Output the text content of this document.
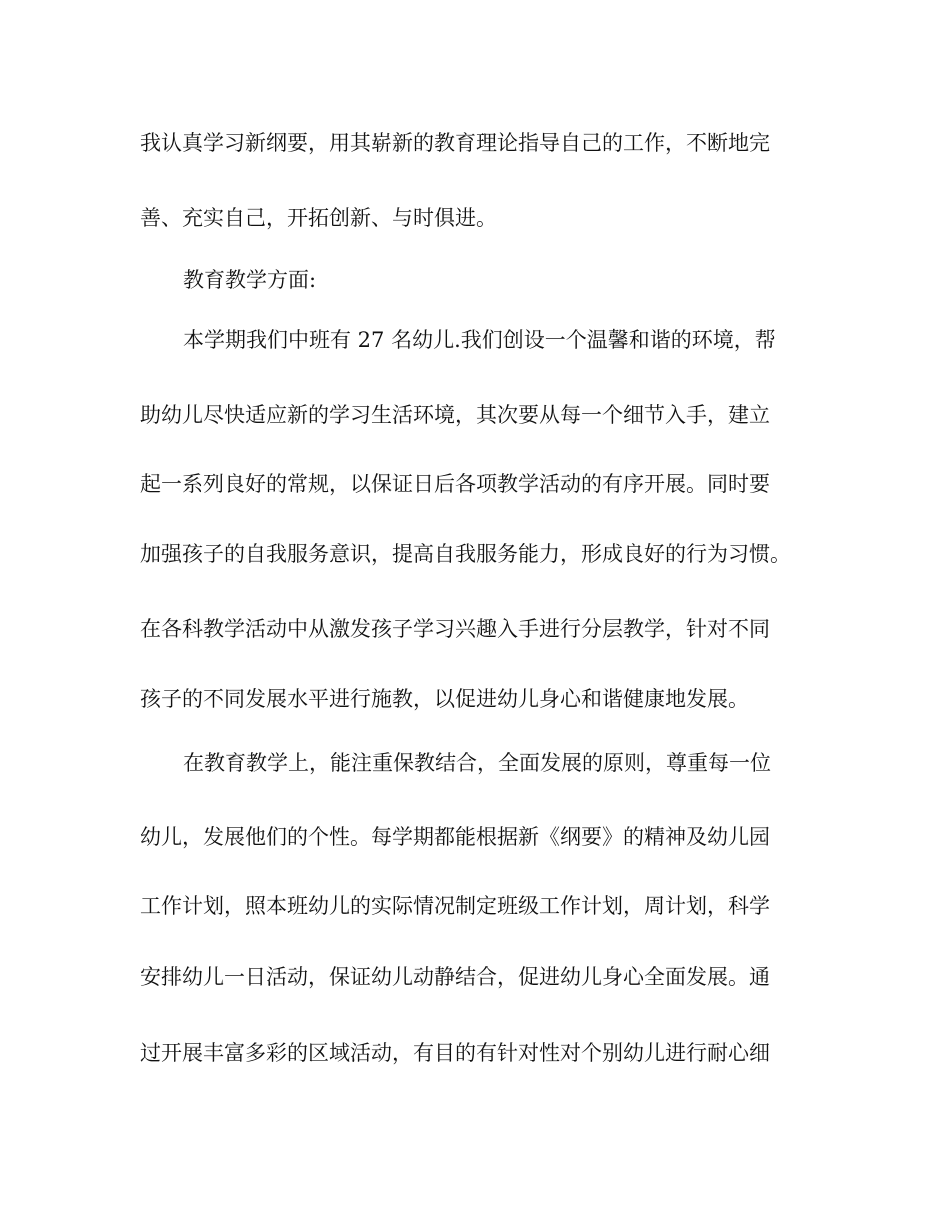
我认真学习新纲要，用其崭新的教育理论指导自己的工作，不断地完
善、充实自己，开拓创新、与时俱进。
教育教学方面:
本学期我们中班有 27 名幼儿.我们创设一个温馨和谐的环境，帮
助幼儿尽快适应新的学习生活环境，其次要从每一个细节入手，建立
起一系列良好的常规，以保证日后各项教学活动的有序开展。同时要
加强孩子的自我服务意识，提高自我服务能力，形成良好的行为习惯。
在各科教学活动中从激发孩子学习兴趣入手进行分层教学，针对不同
孩子的不同发展水平进行施教，以促进幼儿身心和谐健康地发展。
在教育教学上，能注重保教结合，全面发展的原则，尊重每一位
幼儿，发展他们的个性。每学期都能根据新《纲要》的精神及幼儿园
工作计划，照本班幼儿的实际情况制定班级工作计划，周计划，科学
安排幼儿一日活动，保证幼儿动静结合，促进幼儿身心全面发展。通
过开展丰富多彩的区域活动，有目的有针对性对个别幼儿进行耐心细
